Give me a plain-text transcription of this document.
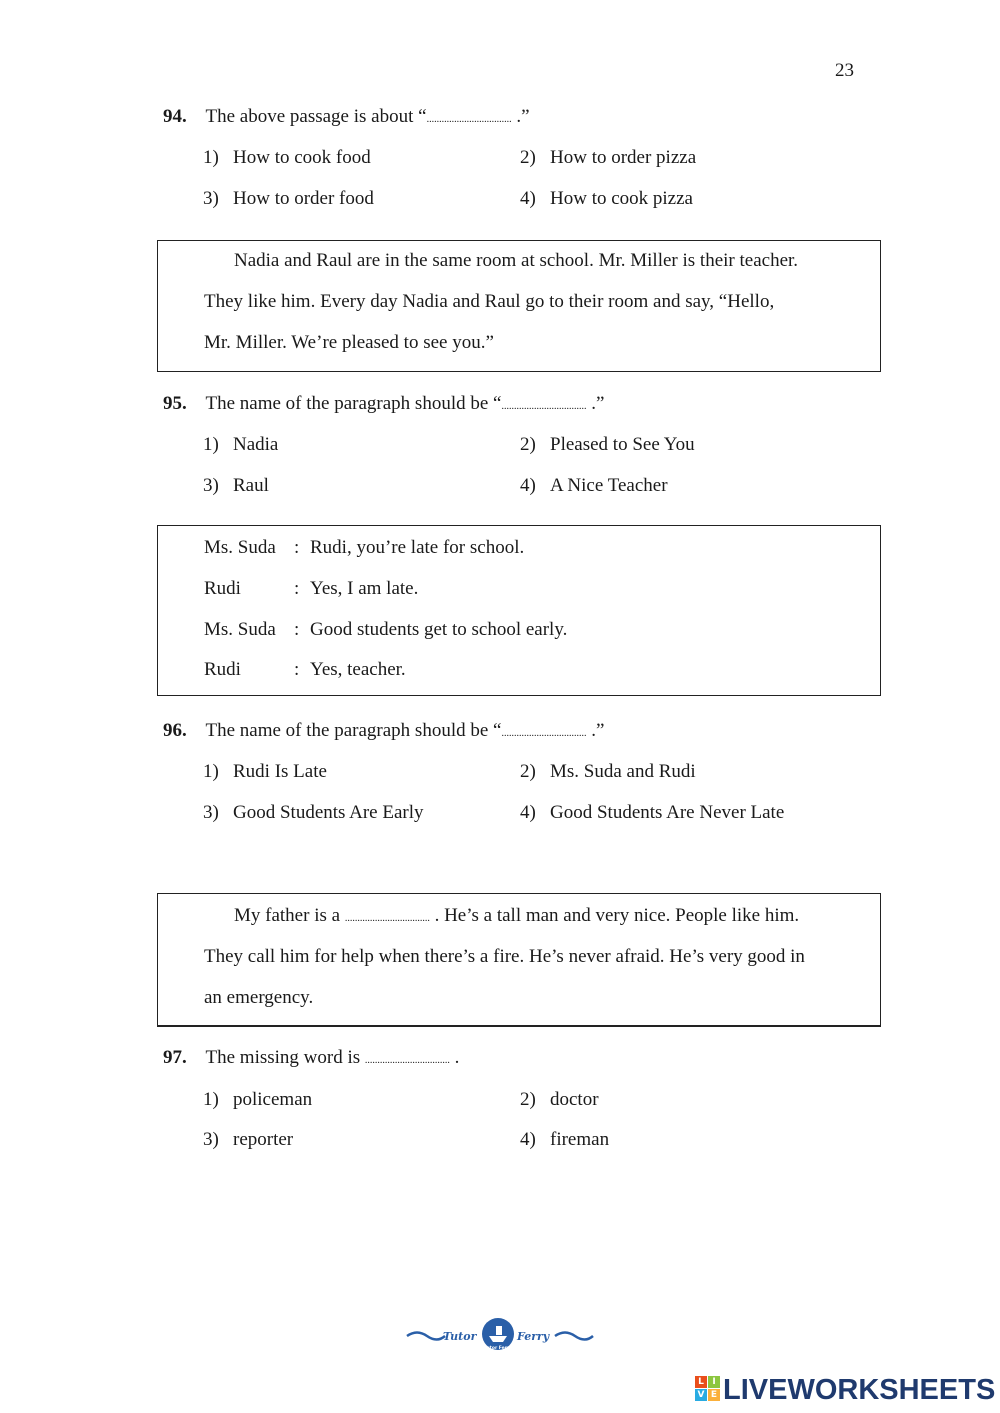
23
94. The above passage is about “.................................. .”
1) How to cook food	2) How to order pizza
3) How to order food	4) How to cook pizza
Nadia and Raul are in the same room at school. Mr. Miller is their teacher.
They like him. Every day Nadia and Raul go to their room and say, “Hello,
Mr. Miller. We’re pleased to see you.”
95. The name of the paragraph should be “.................................. .”
1) Nadia	2) Pleased to See You
3) Raul	4) A Nice Teacher
Ms. Suda : Rudi, you’re late for school.
Rudi	: Yes, I am late.
Ms. Suda : Good students get to school early.
Rudi	: Yes, teacher.
96. The name of the paragraph should be “.................................. .”
1) Rudi Is Late	2) Ms. Suda and Rudi
3) Good Students Are Early	4) Good Students Are Never Late
My father is a .................................. . He’s a tall man and very nice. People like him.
They call him for help when there’s a fire. He’s never afraid. He’s very good in
an emergency.
97. The missing word is .................................. .
1) policeman	2) doctor
3) reporter	4) fireman
Tutor	Ferry
Tutor Ferry
L I
V E LIVEWORKSHEETS
